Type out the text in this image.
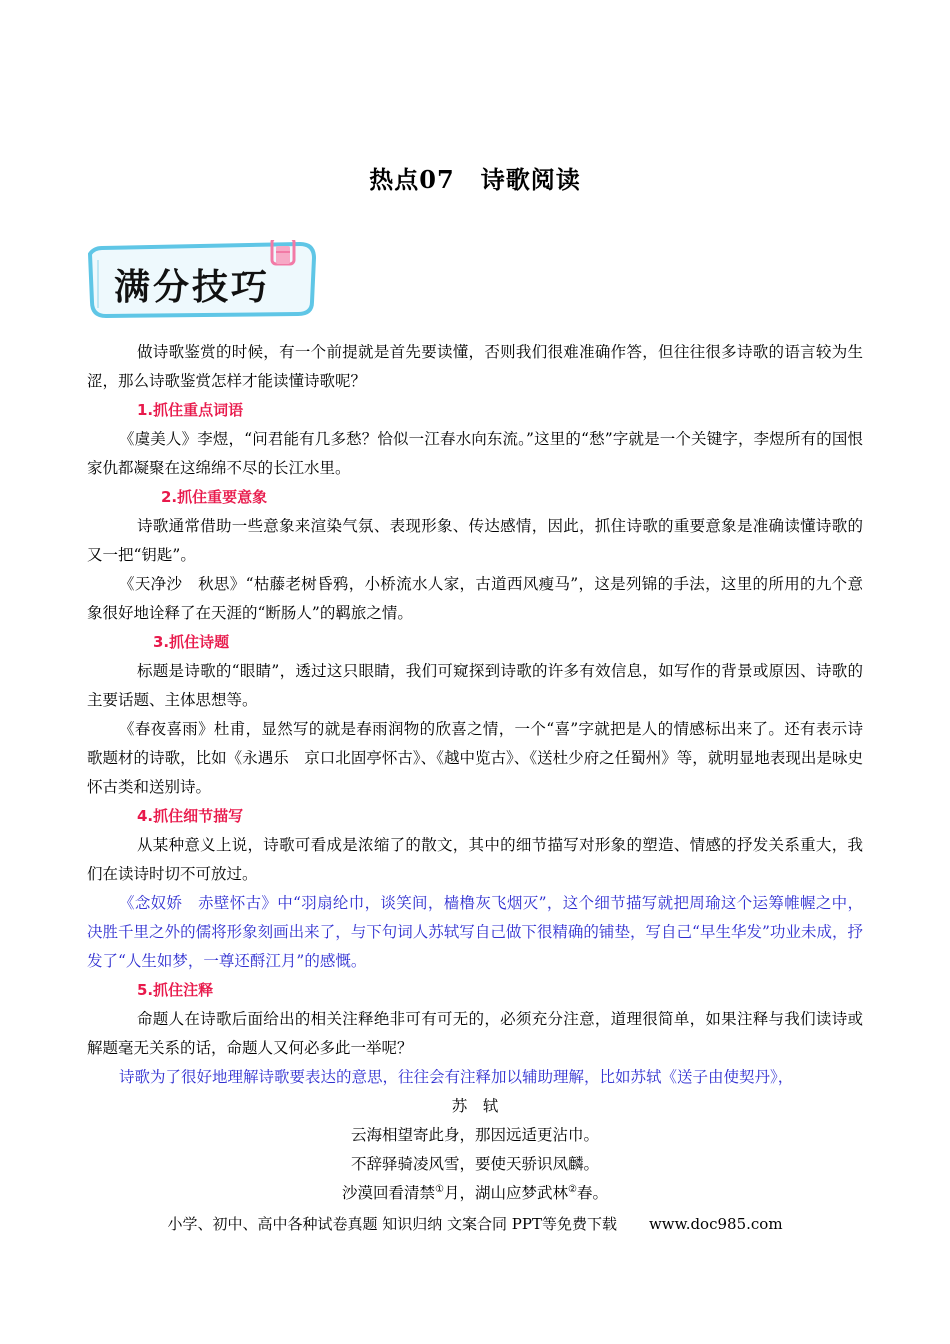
热点07 诗歌阅读
满分技巧

做诗歌鉴赏的时候，有一个前提就是首先要读懂，否则我们很难准确作答，但往往很多诗歌的语言较为生涩，那么诗歌鉴赏怎样才能读懂诗歌呢？

1.抓住重点词语

《虞美人》李煜，“问君能有几多愁？恰似一江春水向东流。”这里的“愁”字就是一个关键字，李煜所有的国恨家仇都凝聚在这绵绵不尽的长江水里。

2.抓住重要意象

诗歌通常借助一些意象来渲染气氛、表现形象、传达感情，因此，抓住诗歌的重要意象是准确读懂诗歌的又一把“钥匙”。

《天净沙　秋思》“枯藤老树昏鸦，小桥流水人家，古道西风瘦马”，这是列锦的手法，这里的所用的九个意象很好地诠释了在天涯的“断肠人”的羁旅之情。

3.抓住诗题

标题是诗歌的“眼睛”，透过这只眼睛，我们可窥探到诗歌的许多有效信息，如写作的背景或原因、诗歌的主要话题、主体思想等。

《春夜喜雨》杜甫，显然写的就是春雨润物的欣喜之情，一个“喜”字就把是人的情感标出来了。还有表示诗歌题材的诗歌，比如《永遇乐　京口北固亭怀古》、《越中览古》、《送杜少府之任蜀州》等，就明显地表现出是咏史怀古类和送别诗。

4.抓住细节描写

从某种意义上说，诗歌可看成是浓缩了的散文，其中的细节描写对形象的塑造、情感的抒发关系重大，我们在读诗时切不可放过。

《念奴娇　赤壁怀古》中“羽扇纶巾，谈笑间，樯橹灰飞烟灭”，这个细节描写就把周瑜这个运筹帷幄之中，决胜千里之外的儒将形象刻画出来了，与下句词人苏轼写自己做下很精确的铺垫，写自己“早生华发”功业未成，抒发了“人生如梦，一尊还酹江月”的感慨。

5.抓住注释

命题人在诗歌后面给出的相关注释绝非可有可无的，必须充分注意，道理很简单，如果注释与我们读诗或解题毫无关系的话，命题人又何必多此一举呢？

诗歌为了很好地理解诗歌要表达的意思，往往会有注释加以辅助理解，比如苏轼《送子由使契丹》，

苏　轼

云海相望寄此身，那因远适更沾巾。

不辞驿骑凌风雪，要使天骄识凤麟。

沙漠回看清禁①月，湖山应梦武林②春。

小学、初中、高中各种试卷真题 知识归纳 文案合同 PPT等免费下载 www.doc985.com
